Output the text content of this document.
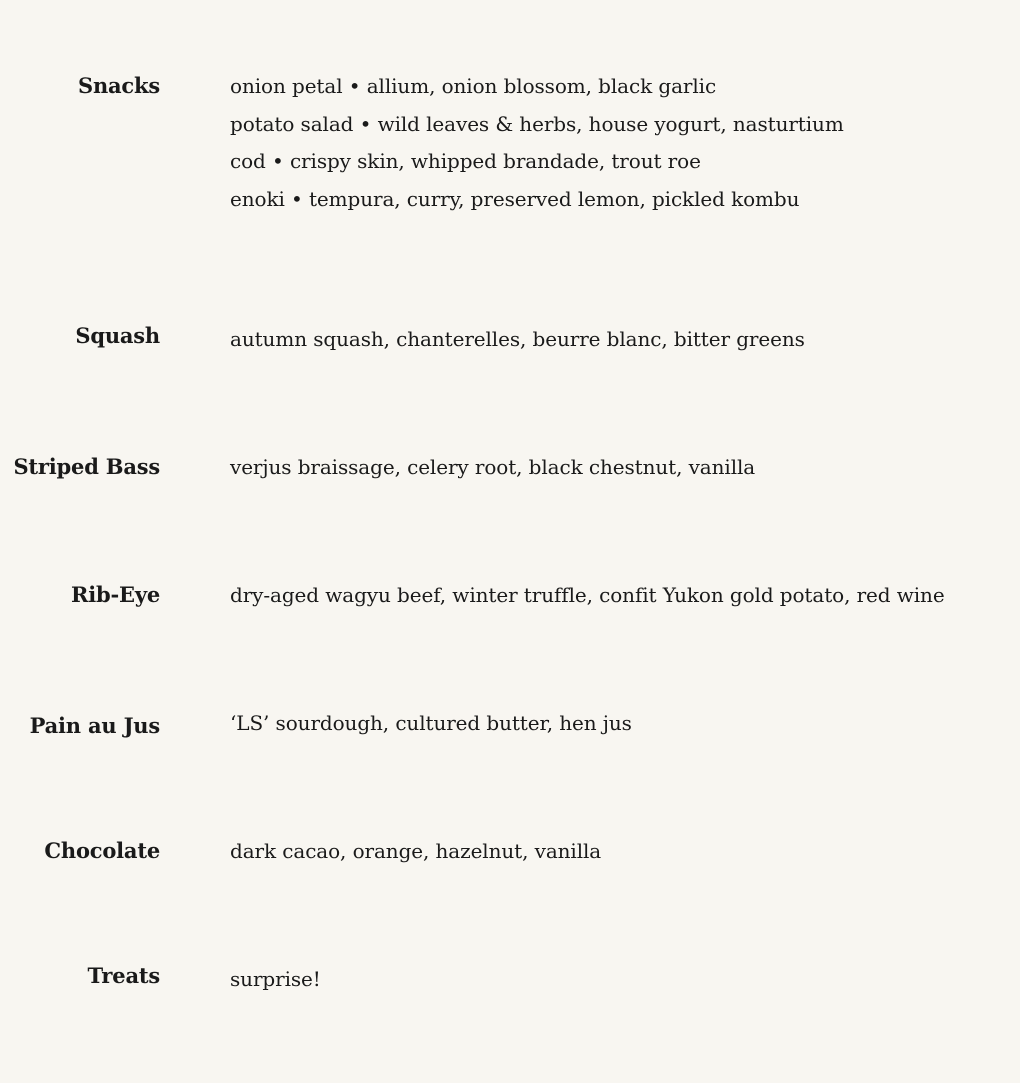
Snacks	onion petal • allium, onion blossom, black garlic
potato salad • wild leaves & herbs, house yogurt, nasturtium
cod • crispy skin, whipped brandade, trout roe
enoki • tempura, curry, preserved lemon, pickled kombu
Squash	autumn squash, chanterelles, beurre blanc, bitter greens
Striped Bass	verjus braissage, celery root, black chestnut, vanilla
Rib-Eye	dry-aged wagyu beef, winter truffle, confit Yukon gold potato, red wine
Pain au Jus	‘LS’ sourdough, cultured butter, hen jus
Chocolate	dark cacao, orange, hazelnut, vanilla
Treats	surprise!
